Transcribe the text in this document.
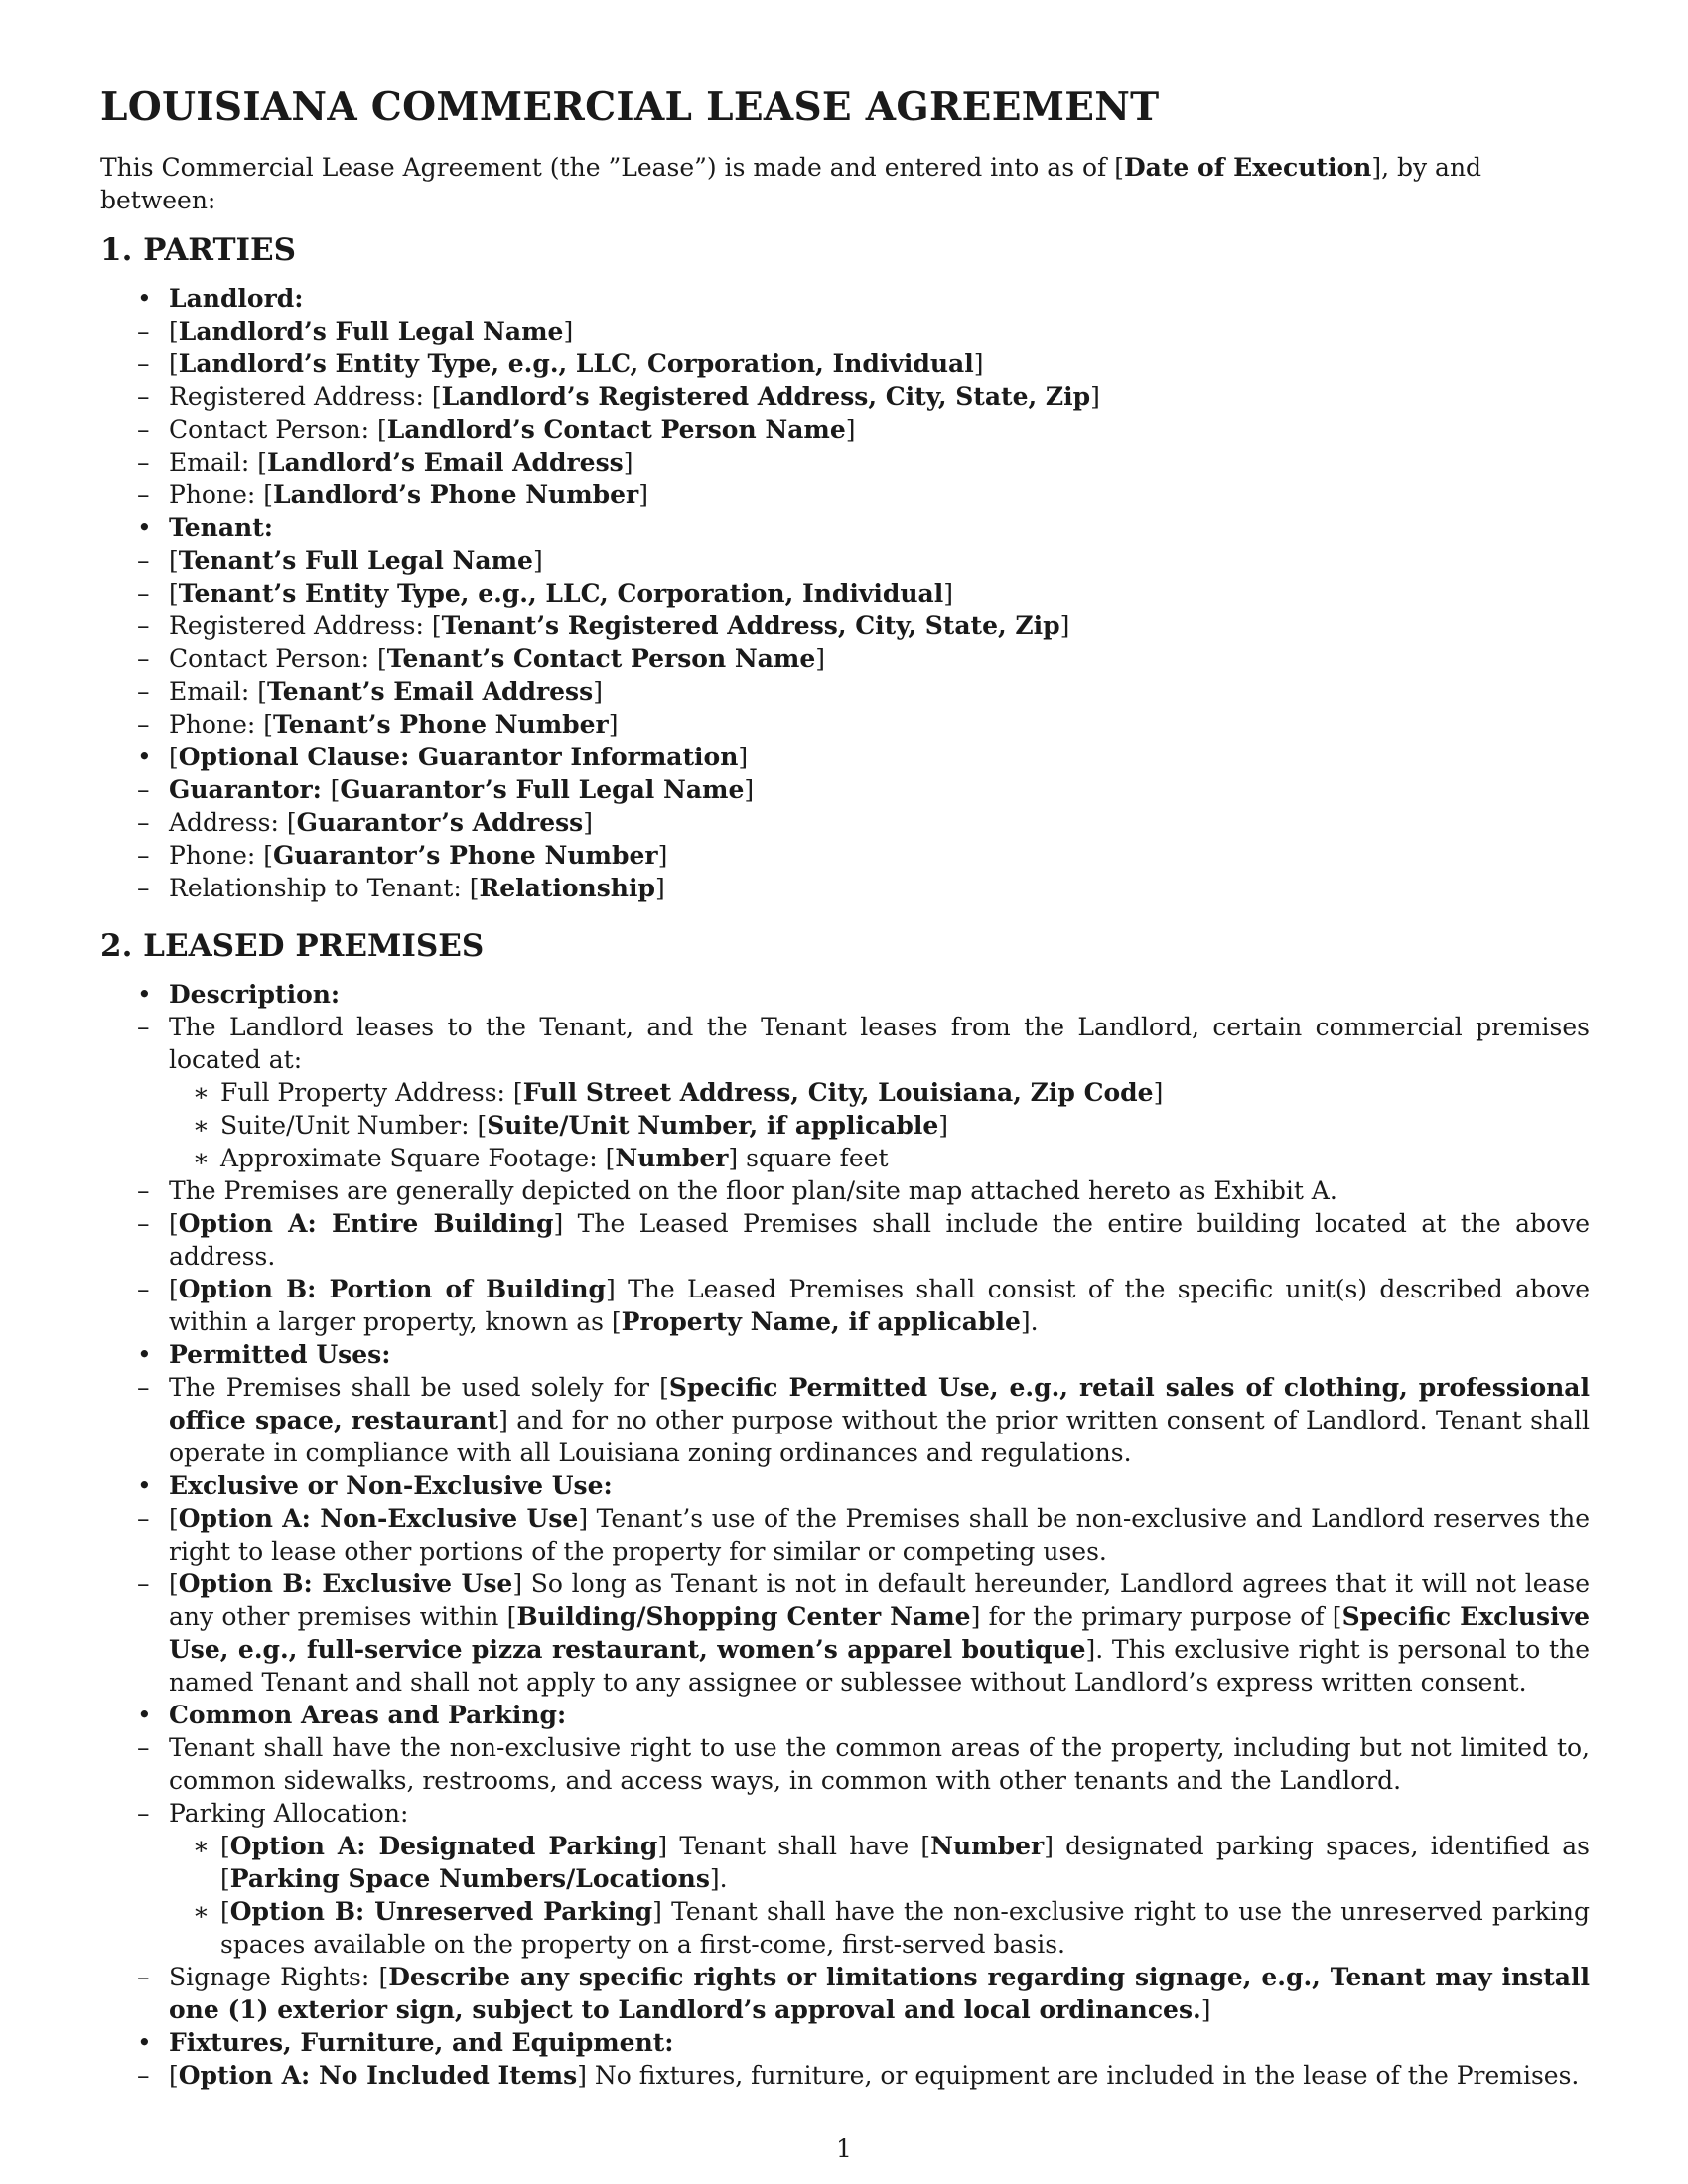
LOUISIANA COMMERCIAL LEASE AGREEMENT

This Commercial Lease Agreement (the ”Lease”) is made and entered into as of [Date of Execution], by and between:

1. PARTIES
• Landlord:
– [Landlord’s Full Legal Name]
– [Landlord’s Entity Type, e.g., LLC, Corporation, Individual]
– Registered Address: [Landlord’s Registered Address, City, State, Zip]
– Contact Person: [Landlord’s Contact Person Name]
– Email: [Landlord’s Email Address]
– Phone: [Landlord’s Phone Number]
• Tenant:
– [Tenant’s Full Legal Name]
– [Tenant’s Entity Type, e.g., LLC, Corporation, Individual]
– Registered Address: [Tenant’s Registered Address, City, State, Zip]
– Contact Person: [Tenant’s Contact Person Name]
– Email: [Tenant’s Email Address]
– Phone: [Tenant’s Phone Number]
• [Optional Clause: Guarantor Information]
– Guarantor: [Guarantor’s Full Legal Name]
– Address: [Guarantor’s Address]
– Phone: [Guarantor’s Phone Number]
– Relationship to Tenant: [Relationship]
2. LEASED PREMISES
• Description:
– The Landlord leases to the Tenant, and the Tenant leases from the Landlord, certain commercial premises located at:
∗ Full Property Address: [Full Street Address, City, Louisiana, Zip Code]
∗ Suite/Unit Number: [Suite/Unit Number, if applicable]
∗ Approximate Square Footage: [Number] square feet
– The Premises are generally depicted on the floor plan/site map attached hereto as Exhibit A.
– [Option A: Entire Building] The Leased Premises shall include the entire building located at the above address.
– [Option B: Portion of Building] The Leased Premises shall consist of the specific unit(s) described above within a larger property, known as [Property Name, if applicable].
• Permitted Uses:
– The Premises shall be used solely for [Specific Permitted Use, e.g., retail sales of clothing, professional office space, restaurant] and for no other purpose without the prior written consent of Landlord. Tenant shall operate in compliance with all Louisiana zoning ordinances and regulations.
• Exclusive or Non-Exclusive Use:
– [Option A: Non-Exclusive Use] Tenant’s use of the Premises shall be non-exclusive and Landlord reserves the right to lease other portions of the property for similar or competing uses.
– [Option B: Exclusive Use] So long as Tenant is not in default hereunder, Landlord agrees that it will not lease any other premises within [Building/Shopping Center Name] for the primary purpose of [Specific Exclusive Use, e.g., full-service pizza restaurant, women’s apparel boutique]. This exclusive right is personal to the named Tenant and shall not apply to any assignee or sublessee without Landlord’s express written consent.
• Common Areas and Parking:
– Tenant shall have the non-exclusive right to use the common areas of the property, including but not limited to, common sidewalks, restrooms, and access ways, in common with other tenants and the Landlord.
– Parking Allocation:
∗ [Option A: Designated Parking] Tenant shall have [Number] designated parking spaces, identified as [Parking Space Numbers/Locations].
∗ [Option B: Unreserved Parking] Tenant shall have the non-exclusive right to use the unreserved parking spaces available on the property on a first-come, first-served basis.
– Signage Rights: [Describe any specific rights or limitations regarding signage, e.g., Tenant may install one (1) exterior sign, subject to Landlord’s approval and local ordinances.]
• Fixtures, Furniture, and Equipment:
– [Option A: No Included Items] No fixtures, furniture, or equipment are included in the lease of the Premises.
1
